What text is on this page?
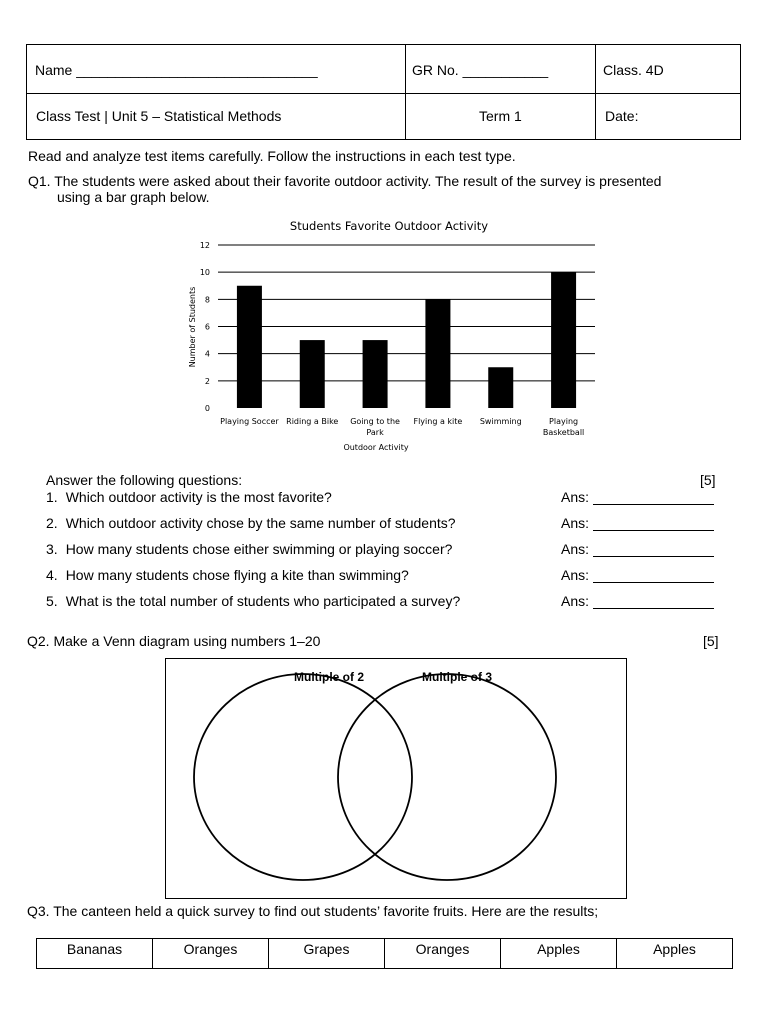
Name _______________________________	GR No. ___________	Class. 4D
Class Test | Unit 5 – Statistical Methods	Term 1	Date:
Read and analyze test items carefully. Follow the instructions in each test type.
Q1. The students were asked about their favorite outdoor activity. The result of the survey is presented
using a bar graph below.
Students Favorite Outdoor Activity
0
2
4
6
8
10
12
Playing Soccer Riding a Bike Going to the
Park
Flying a kite Swimming	Playing
Basketball
Outdoor Activity
Number of Students
Answer the following questions:	[5]
1. Which outdoor activity is the most favorite?	Ans:
2. Which outdoor activity chose by the same number of students?	Ans:
3. How many students chose either swimming or playing soccer?	Ans:
4. How many students chose flying a kite than swimming?	Ans:
5. What is the total number of students who participated a survey?	Ans:
Q2. Make a Venn diagram using numbers 1–20	[5]
Multiple of 2	Multiple of 3
Q3. The canteen held a quick survey to find out students’ favorite fruits. Here are the results;
Bananas	Oranges	Grapes	Oranges	Apples	Apples
